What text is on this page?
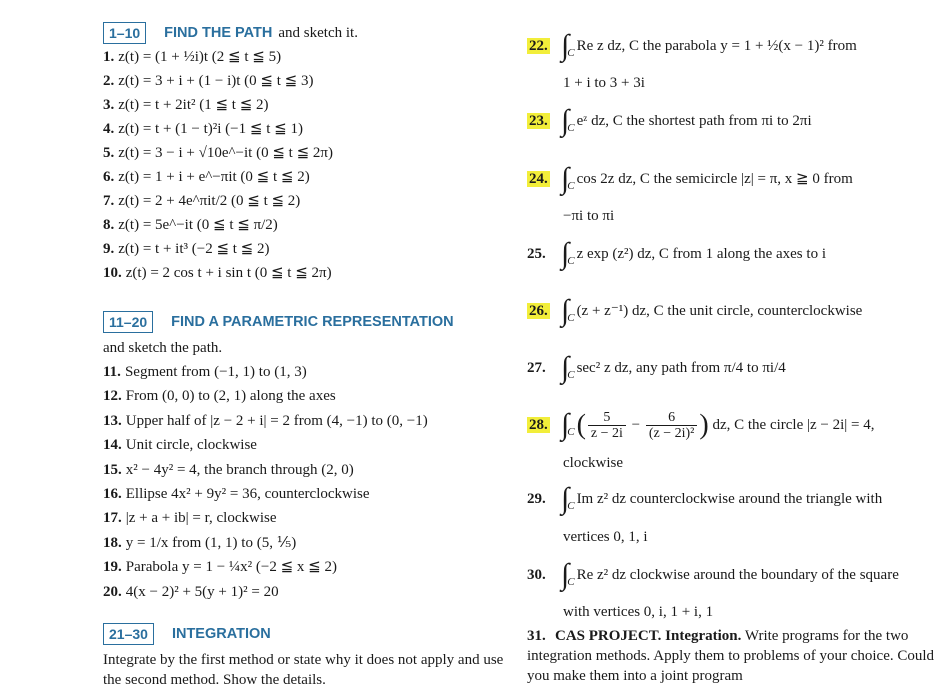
1–10	FIND THE PATH and sketch it.
1. z(t) = (1 + ½i)t (2 ≦ t ≦ 5)
2. z(t) = 3 + i + (1 − i)t (0 ≦ t ≦ 3)
3. z(t) = t + 2it² (1 ≦ t ≦ 2)
4. z(t) = t + (1 − t)²i (−1 ≦ t ≦ 1)
5. z(t) = 3 − i + √10e^−it (0 ≦ t ≦ 2π)
6. z(t) = 1 + i + e^−πit (0 ≦ t ≦ 2)
7. z(t) = 2 + 4e^πit/2 (0 ≦ t ≦ 2)
8. z(t) = 5e^−it (0 ≦ t ≦ π/2)
9. z(t) = t + it³ (−2 ≦ t ≦ 2)
10. z(t) = 2 cos t + i sin t (0 ≦ t ≦ 2π)
11–20	FIND A PARAMETRIC REPRESENTATION
and sketch the path.
11. Segment from (−1, 1) to (1, 3)
12. From (0, 0) to (2, 1) along the axes
13. Upper half of |z − 2 + i| = 2 from (4, −1) to (0, −1)
14. Unit circle, clockwise
15. x² − 4y² = 4, the branch through (2, 0)
16. Ellipse 4x² + 9y² = 36, counterclockwise
17. |z + a + ib| = r, clockwise
18. y = 1/x from (1, 1) to (5, ⅕)
19. Parabola y = 1 − ¼x² (−2 ≦ x ≦ 2)
20. 4(x − 2)² + 5(y + 1)² = 20
21–30	INTEGRATION
Integrate by the first method or state why it does not apply and use the second method. Show the details.
22. $\int_C$ Re z dz, C the parabola y = 1 + ½(x − 1)² from
1 + i to 3 + 3i
23. $\int_C$ eᶻ dz, C the shortest path from πi to 2πi
24. $\int_C$ cos 2z dz, C the semicircle |z| = π, x ≧ 0 from
−πi to πi
25. $\int_C$ z exp (z²) dz, C from 1 along the axes to i
26. $\int_C$ (z + z⁻¹) dz, C the unit circle, counterclockwise
27. $\int_C$ sec² z dz, any path from π/4 to πi/4
28. $\int_C( \frac{5}{z - 2i} - \frac{6}{\text{(z − 2i)²}}$ ) dz, C the circle |z − 2i| = 4,
clockwise
29. $\int_C$ Im z² dz counterclockwise around the triangle with
vertices 0, 1, i
30. $\int_C$ Re z² dz clockwise around the boundary of the square
with vertices 0, i, 1 + i, 1
31. CAS PROJECT. Integration. Write programs for the two integration methods. Apply them to problems of your choice. Could you make them into a joint program
